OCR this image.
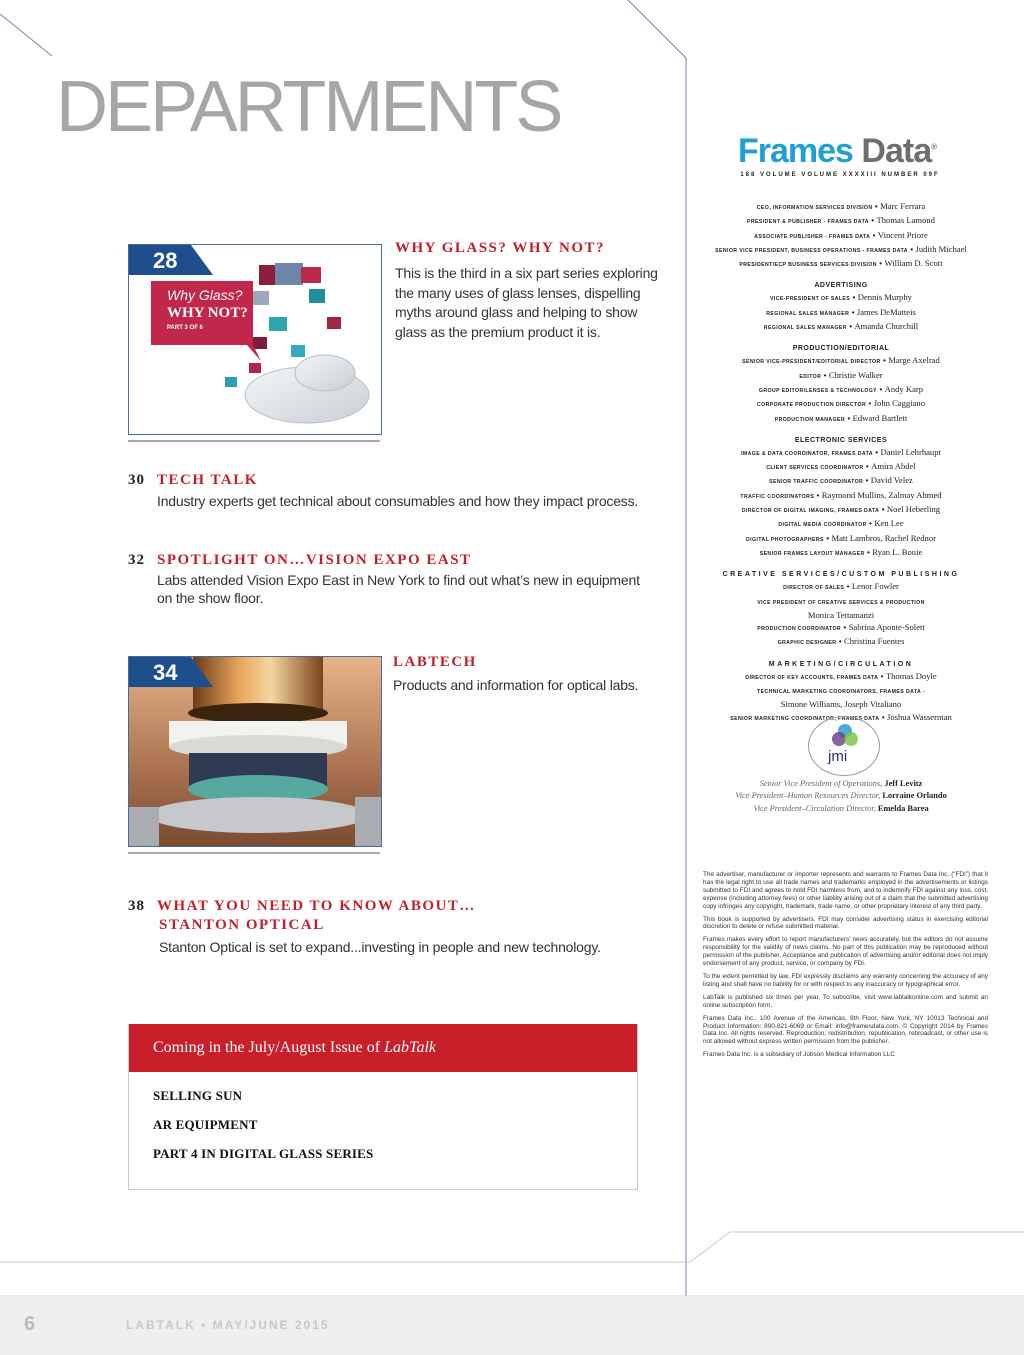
DEPARTMENTS
28
Why Glass?
WHY NOT?
PART 3 OF 6
WHY GLASS? WHY NOT?
This is the third in a six part series exploring
the many uses of glass lenses, dispelling
myths around glass and helping to show
glass as the premium product it is.
30 TECH TALK
Industry experts get technical about consumables and how they impact process.
32 SPOTLIGHT ON…VISION EXPO EAST
Labs attended Vision Expo East in New York to find out what’s new in equipment
on the show floor.
34	LABTECH
Products and information for optical labs.
38 WHAT YOU NEED TO KNOW ABOUT…
STANTON OPTICAL
Stanton Optical is set to expand...investing in people and new technology.
Coming in the July/August Issue of LabTalk
SELLING SUN
AR EQUIPMENT
PART 4 IN DIGITAL GLASS SERIES
Frames Data®
188 VOLUME VOLUME XXXXIII NUMBER 09F
CEO, INFORMATION SERVICES DIVISION • Marc Ferrara
PRESIDENT & PUBLISHER - FRAMES DATA • Thomas Lamond
ASSOCIATE PUBLISHER - FRAMES DATA • Vincent Priore
SENIOR VICE PRESIDENT, BUSINESS OPERATIONS - FRAMES DATA • Judith Michael
PRESIDENT/ECP BUSINESS SERVICES DIVISION • William D. Scott
ADVERTISING
VICE-PRESIDENT OF SALES • Dennis Murphy
REGIONAL SALES MANAGER • James DeMatteis
REGIONAL SALES MANAGER • Amanda Churchill
PRODUCTION/EDITORIAL
SENIOR VICE-PRESIDENT/EDITORIAL DIRECTOR • Marge Axelrad
EDITOR • Christie Walker
GROUP EDITOR/LENSES & TECHNOLOGY • Andy Karp
CORPORATE PRODUCTION DIRECTOR • John Caggiano
PRODUCTION MANAGER • Edward Bartlett
ELECTRONIC SERVICES
IMAGE & DATA COORDINATOR, FRAMES DATA • Daniel Lehrhaupt
CLIENT SERVICES COORDINATOR • Amira Abdel
SENIOR TRAFFIC COORDINATOR • David Velez
TRAFFIC COORDINATORS • Raymond Mullins, Zalmay Ahmed
DIRECTOR OF DIGITAL IMAGING, FRAMES DATA • Noel Heberling
DIGITAL MEDIA COORDINATOR • Ken Lee
DIGITAL PHOTOGRAPHERS • Matt Lambros, Rachel Rednor
SENIOR FRAMES LAYOUT MANAGER • Ryan L. Bouie
CREATIVE SERVICES/CUSTOM PUBLISHING
DIRECTOR OF SALES • Lenor Fowler
VICE PRESIDENT OF CREATIVE SERVICES & PRODUCTION
Monica Tettamanzi
PRODUCTION COORDINATOR • Sabrina Aponte-Solett
GRAPHIC DESIGNER • Christina Fuentes
MARKETING/CIRCULATION
DIRECTOR OF KEY ACCOUNTS, FRAMES DATA • Thomas Doyle
TECHNICAL MARKETING COORDINATORS, FRAMES DATA -
Simone Williams, Joseph Vitaliano
SENIOR MARKETING COORDINATOR, FRAMES DATA • Joshua Wasserman
jmi
Senior Vice President of Operations, Jeff Levitz
Vice President–Human Resources Director, Lorraine Orlando
Vice President–Circulation Director, Emelda Barea

The advertiser, manufacturer or importer represents and warrants to Frames Data Inc. (“FDI”) that it has the legal right to use all trade names and trademarks employed in the advertisements or listings submitted to FDI and agrees to hold FDI harmless from, and to indemnify FDI against any loss, cost, expense (including attorney fees) or other liability arising out of a claim that the submitted advertising copy infringes any copyright, trademark, trade name, or other proprietary interest of any third party.

This book is supported by advertisers. FDI may consider advertising status in exercising editorial discretion to delete or refuse submitted material.

Frames makes every effort to report manufacturers’ news accurately, but the editors do not assume responsibility for the validity of news claims. No part of this publication may be reproduced without permission of the publisher. Acceptance and publication of advertising and/or editorial does not imply endorsement of any product, service, or company by FDI.

To the extent permitted by law, FDI expressly disclaims any warranty concerning the accuracy of any listing and shall have no liability for or with respect to any inaccuracy or typographical error.

LabTalk is published six times per year. To subscribe, visit www.labtalkonline.com and submit an online subscription form.

Frames Data Inc., 100 Avenue of the Americas, 9th Floor, New York, NY 10013 Technical and Product Information: 800-821-6069 or Email: info@framesdata.com. © Copyright 2014 by Frames Data Inc. All rights reserved. Reproduction, redistribution, republication, rebroadcast, or other use is not allowed without express written permission from the publisher.

Frames Data Inc. is a subsidiary of Jobson Medical Information LLC

6	LABTALK • MAY/JUNE 2015
